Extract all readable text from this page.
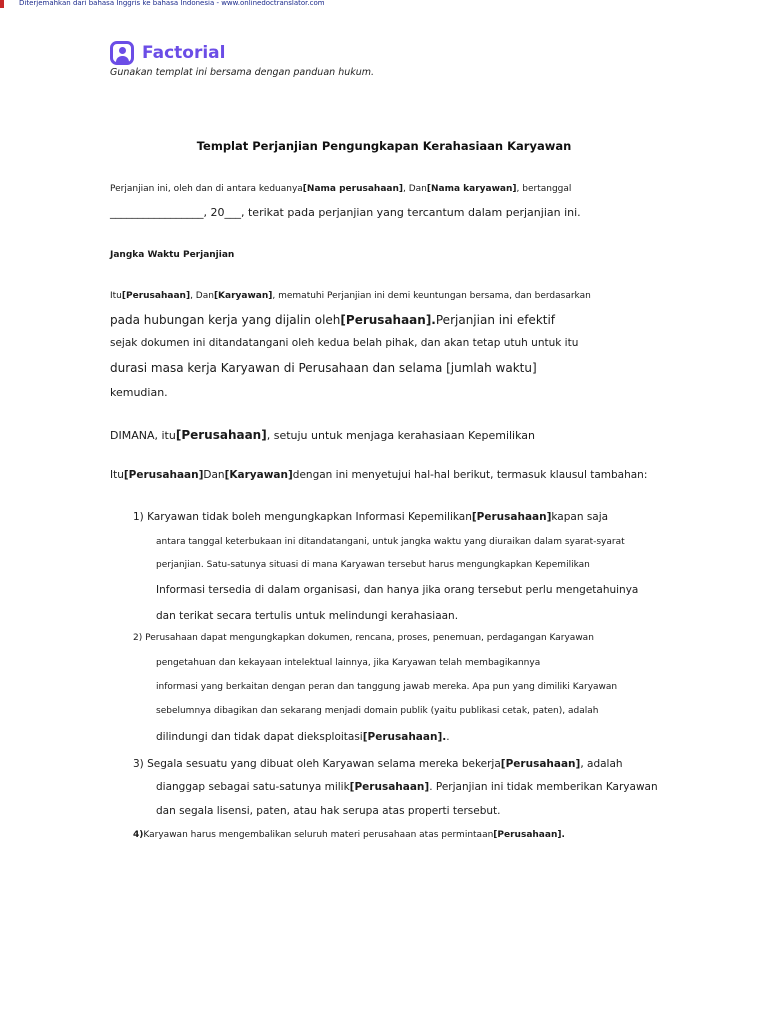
Diterjemahkan dari bahasa Inggris ke bahasa Indonesia - www.onlinedoctranslator.com
Factorial
Gunakan templat ini bersama dengan panduan hukum.
Templat Perjanjian Pengungkapan Kerahasiaan Karyawan
Perjanjian ini, oleh dan di antara keduanya[Nama perusahaan], Dan[Nama karyawan], bertanggal
_________________, 20___, terikat pada perjanjian yang tercantum dalam perjanjian ini.
Jangka Waktu Perjanjian
Itu[Perusahaan], Dan[Karyawan], mematuhi Perjanjian ini demi keuntungan bersama, dan berdasarkan
pada hubungan kerja yang dijalin oleh[Perusahaan].Perjanjian ini efektif
sejak dokumen ini ditandatangani oleh kedua belah pihak, dan akan tetap utuh untuk itu
durasi masa kerja Karyawan di Perusahaan dan selama [jumlah waktu]
kemudian.
DIMANA, itu[Perusahaan], setuju untuk menjaga kerahasiaan Kepemilikan
Itu[Perusahaan]Dan[Karyawan]dengan ini menyetujui hal-hal berikut, termasuk klausul tambahan:
1) Karyawan tidak boleh mengungkapkan Informasi Kepemilikan[Perusahaan]kapan saja
antara tanggal keterbukaan ini ditandatangani, untuk jangka waktu yang diuraikan dalam syarat-syarat
perjanjian. Satu-satunya situasi di mana Karyawan tersebut harus mengungkapkan Kepemilikan
Informasi tersedia di dalam organisasi, dan hanya jika orang tersebut perlu mengetahuinya
dan terikat secara tertulis untuk melindungi kerahasiaan.
2) Perusahaan dapat mengungkapkan dokumen, rencana, proses, penemuan, perdagangan Karyawan
pengetahuan dan kekayaan intelektual lainnya, jika Karyawan telah membagikannya
informasi yang berkaitan dengan peran dan tanggung jawab mereka. Apa pun yang dimiliki Karyawan
sebelumnya dibagikan dan sekarang menjadi domain publik (yaitu publikasi cetak, paten), adalah
dilindungi dan tidak dapat dieksploitasi[Perusahaan]..
3) Segala sesuatu yang dibuat oleh Karyawan selama mereka bekerja[Perusahaan], adalah
dianggap sebagai satu-satunya milik[Perusahaan]. Perjanjian ini tidak memberikan Karyawan
dan segala lisensi, paten, atau hak serupa atas properti tersebut.
4)Karyawan harus mengembalikan seluruh materi perusahaan atas permintaan[Perusahaan].
